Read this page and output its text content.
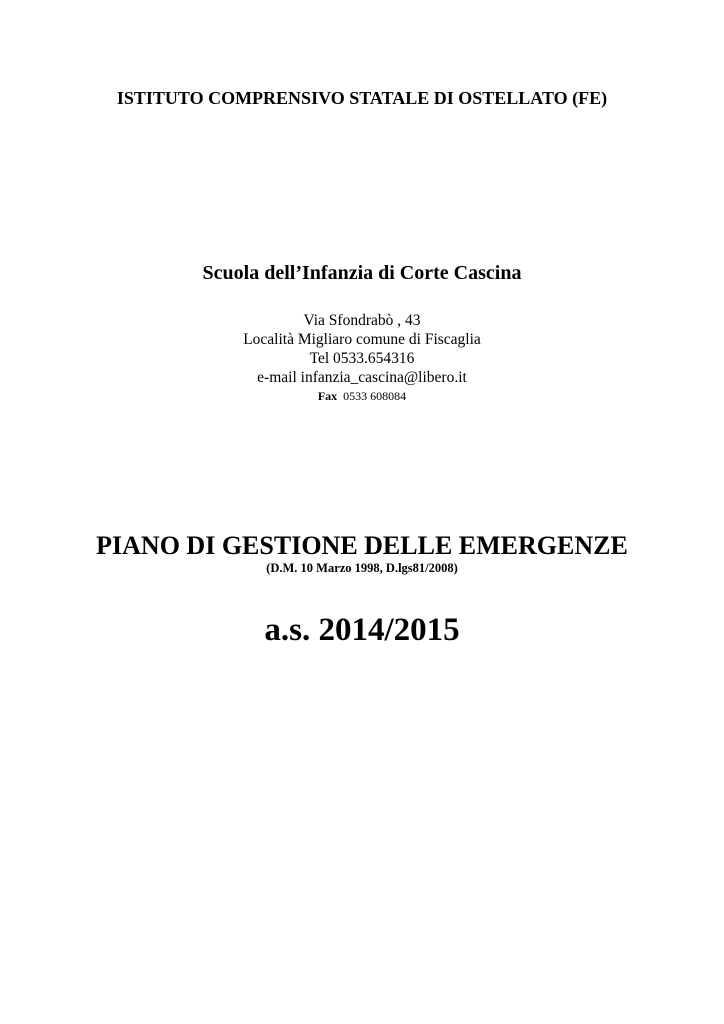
ISTITUTO COMPRENSIVO STATALE DI OSTELLATO (FE)
Scuola dell’Infanzia di Corte Cascina
Via Sfondrabò , 43
Località Migliaro comune di Fiscaglia
Tel 0533.654316
e-mail infanzia_cascina@libero.it
Fax 0533 608084
PIANO DI GESTIONE DELLE EMERGENZE
(D.M. 10 Marzo 1998, D.lgs81/2008)
a.s. 2014/2015
